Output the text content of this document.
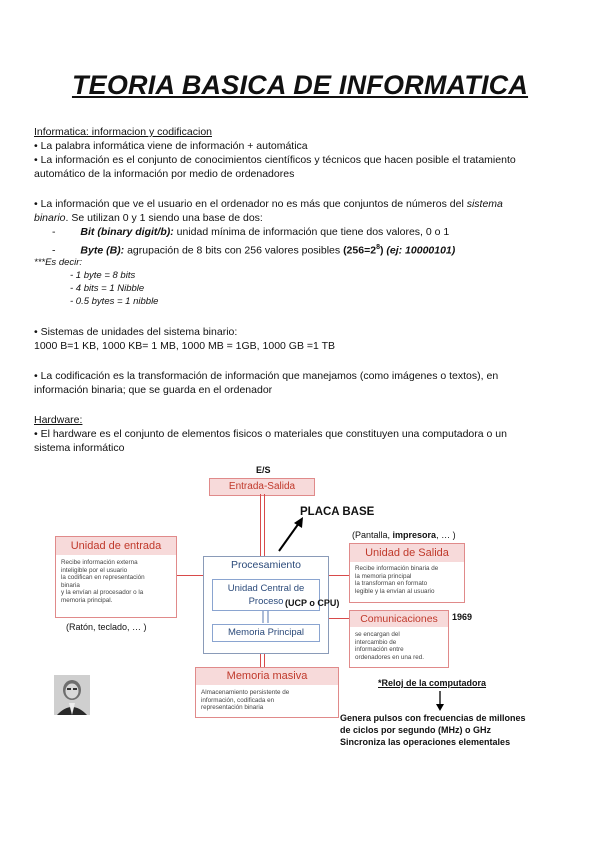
TEORIA BASICA DE INFORMATICA
Informatica: informacion y codificacion
• La palabra informática viene de información + automática
• La información es el conjunto de conocimientos científicos y técnicos que hacen posible el tratamiento
automático de la información por medio de ordenadores
• La información que ve el usuario en el ordenador no es más que conjuntos de números del sistema
binario. Se utilizan 0 y 1 siendo una base de dos:
- Bit (binary digit/b): unidad mínima de información que tiene dos valores, 0 o 1
- Byte (B): agrupación de 8 bits con 256 valores posibles $(256=2^8)$ (ej: 10000101)
***Es decir:
- 1 byte = 8 bits
- 4 bits = 1 Nibble
- 0.5 bytes = 1 nibble
• Sistemas de unidades del sistema binario:
1000 B=1 KB, 1000 KB= 1 MB, 1000 MB = 1GB, 1000 GB =1 TB
• La codificación es la transformación de información que manejamos (como imágenes o textos), en
información binaria; que se guarda en el ordenador
Hardware:
• El hardware es el conjunto de elementos fisicos o materiales que constituyen una computadora o un
sistema informático
E/S
Entrada-Salida
PLACA BASE
(Pantalla, impresora, … )
Unidad de entrada
Recibe información externa
inteligible por el usuario
la codifican en representación
binaria
y la envían al procesador o la
memoria principal.
(Ratón, teclado, … )
Procesamiento
Unidad Central de
Proceso
Memoria Principal
(UCP o CPU)
Unidad de Salida
Recibe información binaria de
la memoria principal
la transforman en formato
legible y la envían al usuario
Comunicaciones
se encargan del
intercambio de
información entre
ordenadores en una red.
1969
Memoria masiva
Almacenamiento persistente de
información, codificada en
representación binaria
*Reloj de la computadora
Genera pulsos con frecuencias de millones
de ciclos por segundo (MHz) o GHz
Sincroniza las operaciones elementales
